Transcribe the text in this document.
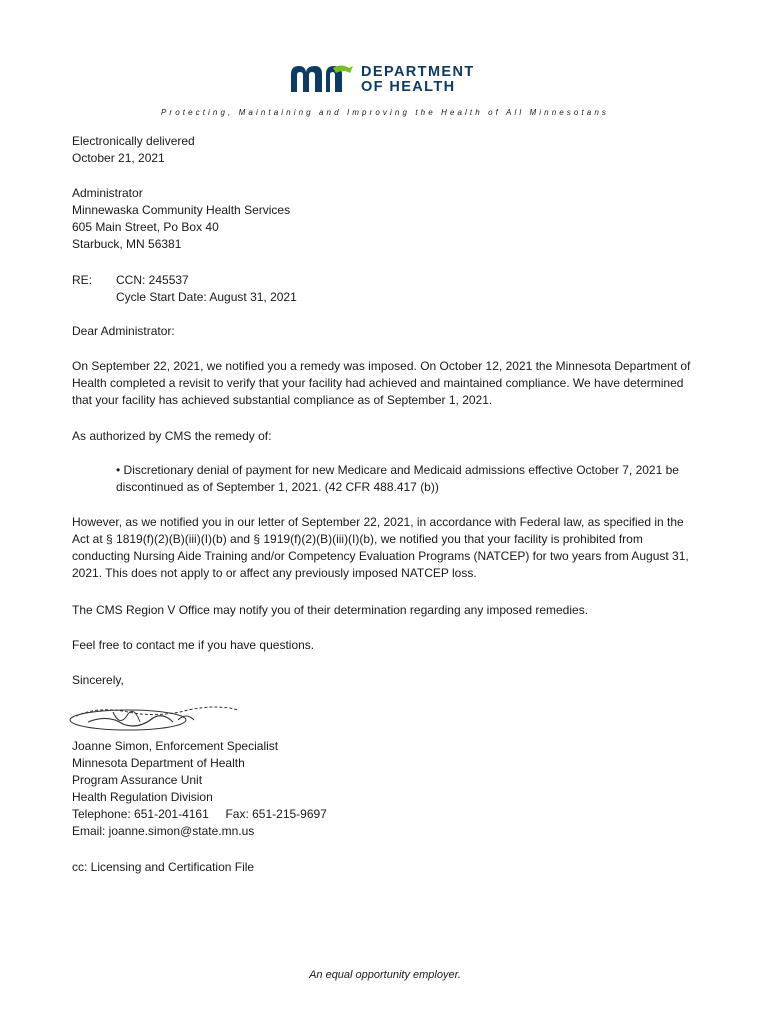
DEPARTMENT
OF HEALTH
Protecting, Maintaining and Improving the Health of All Minnesotans
Electronically delivered
October 21, 2021
Administrator
Minnewaska Community Health Services
605 Main Street, Po Box 40
Starbuck, MN 56381
RE: CCN: 245537
Cycle Start Date: August 31, 2021
Dear Administrator:
On September 22, 2021, we notified you a remedy was imposed. On October 12, 2021 the Minnesota Department of Health completed a revisit to verify that your facility had achieved and maintained compliance. We have determined that your facility has achieved substantial compliance as of September 1, 2021.
As authorized by CMS the remedy of:
• Discretionary denial of payment for new Medicare and Medicaid admissions effective October 7, 2021 be discontinued as of September 1, 2021. (42 CFR 488.417 (b))
However, as we notified you in our letter of September 22, 2021, in accordance with Federal law, as specified in the Act at § 1819(f)(2)(B)(iii)(I)(b) and § 1919(f)(2)(B)(iii)(I)(b), we notified you that your facility is prohibited from conducting Nursing Aide Training and/or Competency Evaluation Programs (NATCEP) for two years from August 31, 2021. This does not apply to or affect any previously imposed NATCEP loss.
The CMS Region V Office may notify you of their determination regarding any imposed remedies.
Feel free to contact me if you have questions.
Sincerely,
Joanne Simon, Enforcement Specialist
Minnesota Department of Health
Program Assurance Unit
Health Regulation Division
Telephone: 651-201-4161     Fax: 651-215-9697
Email: joanne.simon@state.mn.us
cc: Licensing and Certification File
An equal opportunity employer.
